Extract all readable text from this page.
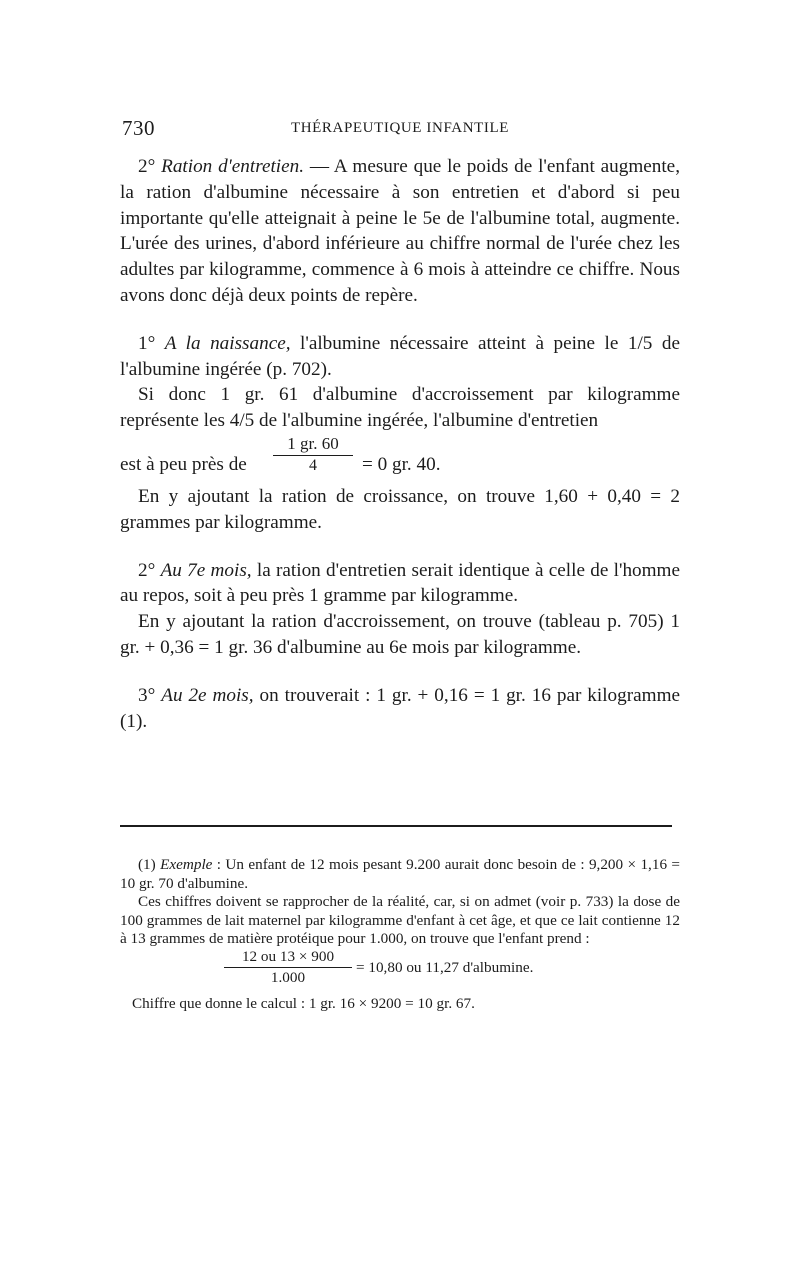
730	THÉRAPEUTIQUE INFANTILE

2° Ration d'entretien. — A mesure que le poids de l'enfant augmente, la ration d'albumine nécessaire à son entretien et d'abord si peu importante qu'elle atteignait à peine le 5e de l'albumine total, augmente. L'urée des urines, d'abord inférieure au chiffre normal de l'urée chez les adultes par kilogramme, commence à 6 mois à atteindre ce chiffre. Nous avons donc déjà deux points de repère.

1° A la naissance, l'albumine nécessaire atteint à peine le 1/5 de l'albumine ingérée (p. 702).

Si donc 1 gr. 61 d'albumine d'accroissement par kilogramme représente les 4/5 de l'albumine ingérée, l'albumine d'entretien

est à peu près de
1 gr. 60
4	= 0 gr. 40.

En y ajoutant la ration de croissance, on trouve 1,60 + 0,40 = 2 grammes par kilogramme.

2° Au 7e mois, la ration d'entretien serait identique à celle de l'homme au repos, soit à peu près 1 gramme par kilogramme.

En y ajoutant la ration d'accroissement, on trouve (tableau p. 705) 1 gr. + 0,36 = 1 gr. 36 d'albumine au 6e mois par kilogramme.

3° Au 2e mois, on trouverait : 1 gr. + 0,16 = 1 gr. 16 par kilogramme (1).

(1) Exemple : Un enfant de 12 mois pesant 9.200 aurait donc besoin de : 9,200 × 1,16 = 10 gr. 70 d'albumine.

Ces chiffres doivent se rapprocher de la réalité, car, si on admet (voir p. 733) la dose de 100 grammes de lait maternel par kilogramme d'enfant à cet âge, et que ce lait contienne 12 à 13 grammes de matière protéique pour 1.000, on trouve que l'enfant prend :

12 ou 13 × 900
1.000
= 10,80 ou 11,27 d'albumine.

Chiffre que donne le calcul : 1 gr. 16 × 9200 = 10 gr. 67.
